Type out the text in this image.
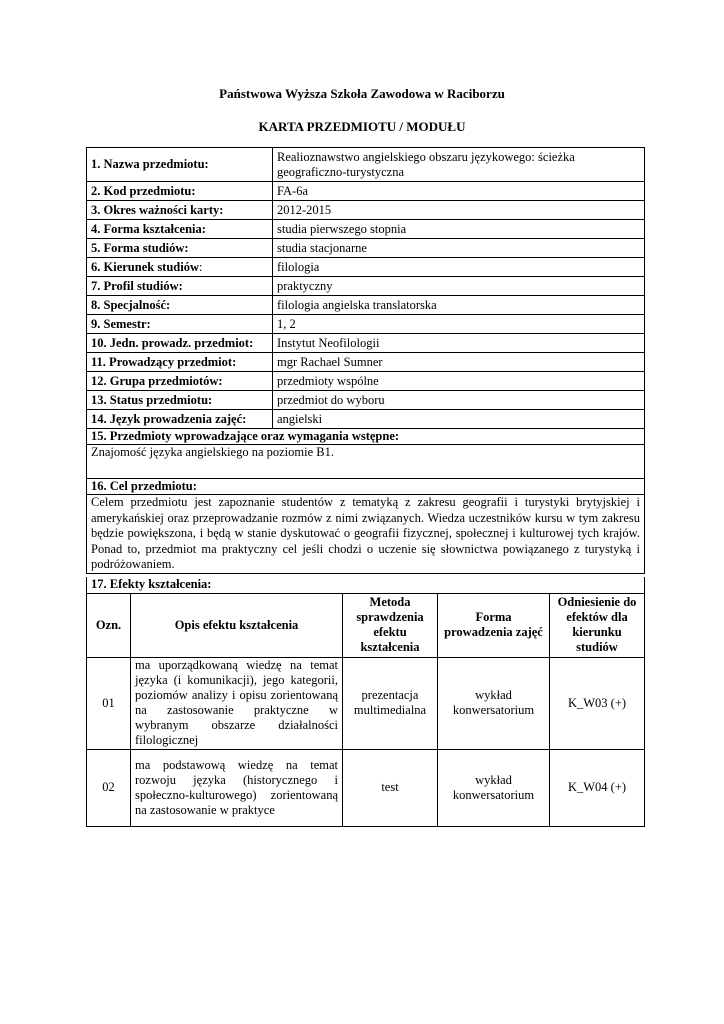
Państwowa Wyższa Szkoła Zawodowa w Raciborzu
KARTA PRZEDMIOTU / MODUŁU
1. Nazwa przedmiotu:	Realioznawstwo angielskiego obszaru językowego: ścieżka geograficzno-turystyczna
2. Kod przedmiotu:	FA-6a
3. Okres ważności karty:	2012-2015
4. Forma kształcenia:	studia pierwszego stopnia
5. Forma studiów:	studia stacjonarne
6. Kierunek studiów:	filologia
7. Profil studiów:	praktyczny
8. Specjalność:	filologia angielska translatorska
9. Semestr:	1, 2
10. Jedn. prowadz. przedmiot:	Instytut Neofilologii
11. Prowadzący przedmiot:	mgr Rachael Sumner
12. Grupa przedmiotów:	przedmioty wspólne
13. Status przedmiotu:	przedmiot do wyboru
14. Język prowadzenia zajęć:	angielski
15. Przedmioty wprowadzające oraz wymagania wstępne:	
Znajomość języka angielskiego na poziomie B1.	
16. Cel przedmiotu:	
Celem przedmiotu jest zapoznanie studentów z tematyką z zakresu geografii i turystyki brytyjskiej i amerykańskiej oraz przeprowadzanie rozmów z nimi związanych. Wiedza uczestników kursu w tym zakresu będzie powiększona, i będą w stanie dyskutować o geografii fizycznej, społecznej i kulturowej tych krajów. Ponad to, przedmiot ma praktyczny cel jeśli chodzi o uczenie się słownictwa powiązanego z turystyką i podróżowaniem.	
17. Efekty kształcenia:				
Ozn.	Opis efektu kształcenia	Metoda sprawdzenia efektu kształcenia	Forma prowadzenia zajęć	Odniesienie do efektów dla kierunku studiów
01	ma uporządkowaną wiedzę na temat języka (i komunikacji), jego kategorii, poziomów analizy i opisu zorientowaną na zastosowanie praktyczne w wybranym obszarze działalności filologicznej	prezentacja multimedialna	wykład konwersatorium	K_W03 (+)
02	ma podstawową wiedzę na temat rozwoju języka (historycznego i społeczno-kulturowego) zorientowaną na zastosowanie w praktyce	test	wykład konwersatorium	K_W04 (+)
